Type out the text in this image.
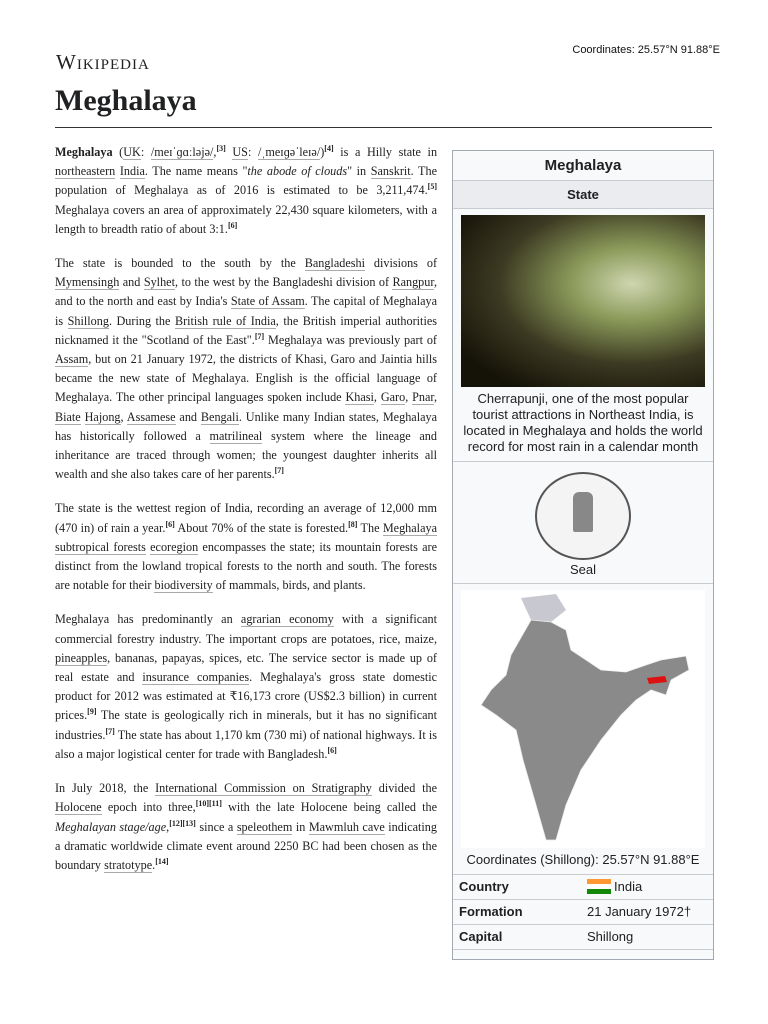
Wikipedia	Coordinates: 25.57°N 91.88°E
Meghalaya

Meghalaya (UK: /meɪˈɡɑːləjə/,[3] US: /ˌmeɪɡəˈleɪə/)[4] is a Hilly state in northeastern India. The name means "the abode of clouds" in Sanskrit. The population of Meghalaya as of 2016 is estimated to be 3,211,474.[5] Meghalaya covers an area of approximately 22,430 square kilometers, with a length to breadth ratio of about 3:1.[6]

The state is bounded to the south by the Bangladeshi divisions of Mymensingh and Sylhet, to the west by the Bangladeshi division of Rangpur, and to the north and east by India's State of Assam. The capital of Meghalaya is Shillong. During the British rule of India, the British imperial authorities nicknamed it the "Scotland of the East".[7] Meghalaya was previously part of Assam, but on 21 January 1972, the districts of Khasi, Garo and Jaintia hills became the new state of Meghalaya. English is the official language of Meghalaya. The other principal languages spoken include Khasi, Garo, Pnar, Biate Hajong, Assamese and Bengali. Unlike many Indian states, Meghalaya has historically followed a matrilineal system where the lineage and inheritance are traced through women; the youngest daughter inherits all wealth and she also takes care of her parents.[7]

The state is the wettest region of India, recording an average of 12,000 mm (470 in) of rain a year.[6] About 70% of the state is forested.[8] The Meghalaya subtropical forests ecoregion encompasses the state; its mountain forests are distinct from the lowland tropical forests to the north and south. The forests are notable for their biodiversity of mammals, birds, and plants.

Meghalaya has predominantly an agrarian economy with a significant commercial forestry industry. The important crops are potatoes, rice, maize, pineapples, bananas, papayas, spices, etc. The service sector is made up of real estate and insurance companies. Meghalaya's gross state domestic product for 2012 was estimated at ₹16,173 crore (US$2.3 billion) in current prices.[9] The state is geologically rich in minerals, but it has no significant industries.[7] The state has about 1,170 km (730 mi) of national highways. It is also a major logistical center for trade with Bangladesh.[6]

In July 2018, the International Commission on Stratigraphy divided the Holocene epoch into three,[10][11] with the late Holocene being called the Meghalayan stage/age,[12][13] since a speleothem in Mawmluh cave indicating a dramatic worldwide climate event around 2250 BC had been chosen as the boundary stratotype.[14]

Meghalaya
State
Cherrapunji, one of the most popular tourist attractions in Northeast India, is located in Meghalaya and holds the world record for most rain in a calendar month
Seal
Coordinates (Shillong): 25.57°N 91.88°E
Country	India
Formation	21 January 1972†
Capital	Shillong
